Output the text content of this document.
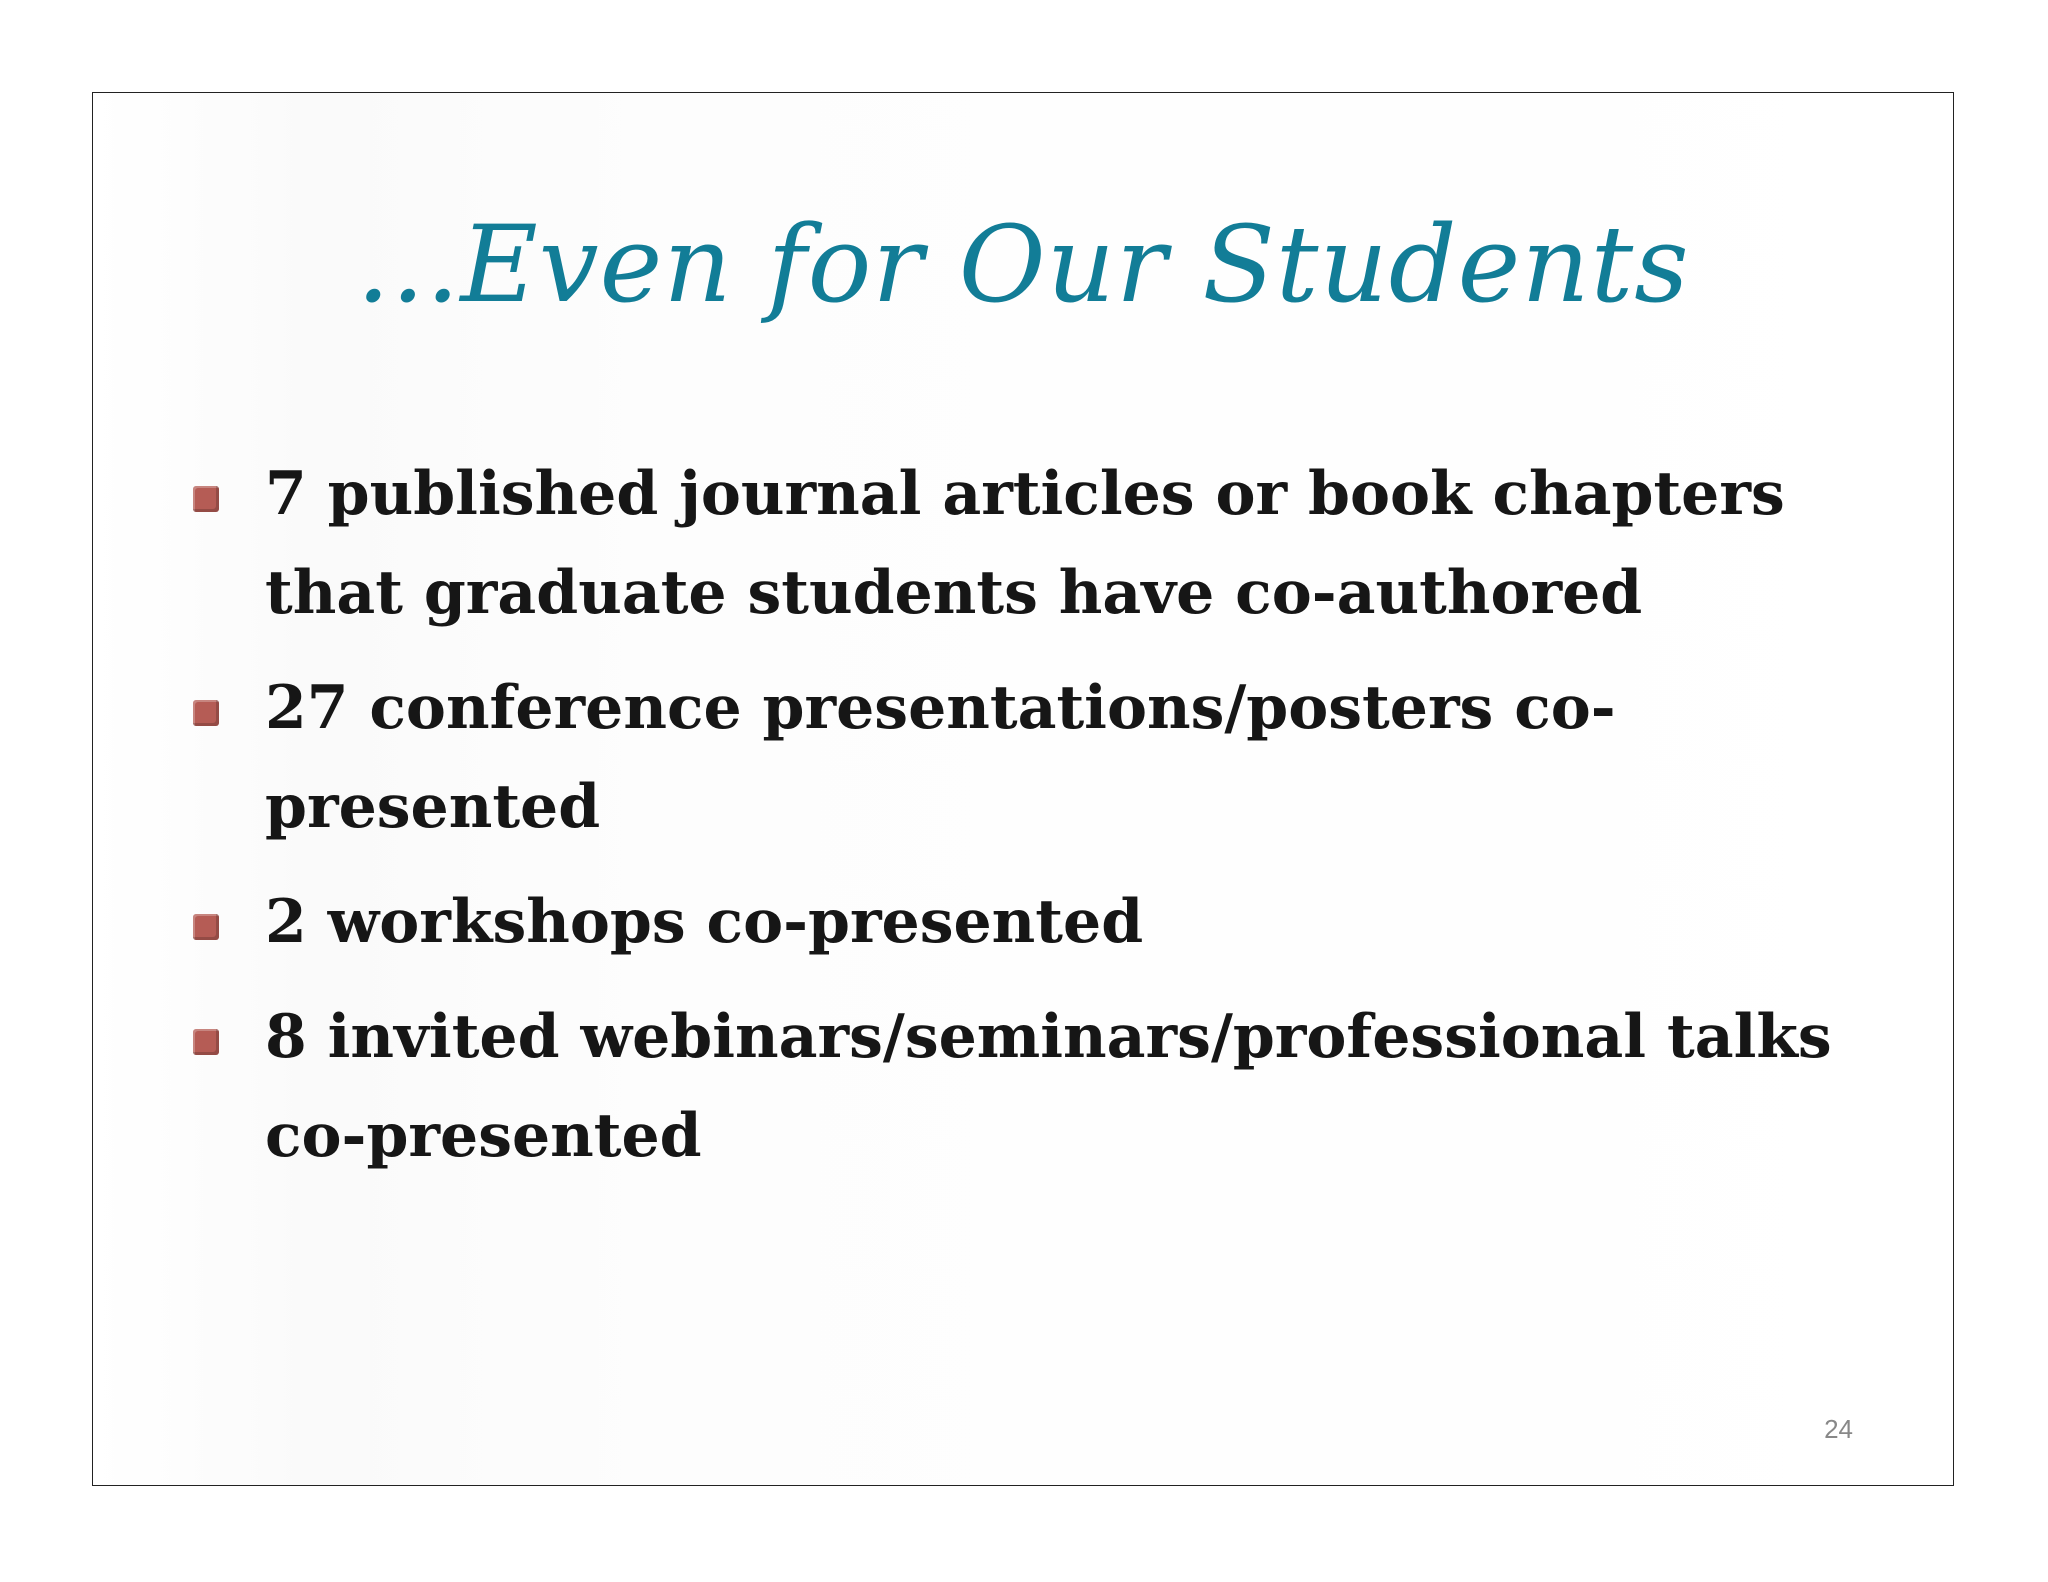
...Even for Our Students
7 published journal articles or book chapters that graduate students have co-authored
27 conference presentations/posters co-presented
2 workshops co-presented
8 invited webinars/seminars/professional talks co-presented
24
